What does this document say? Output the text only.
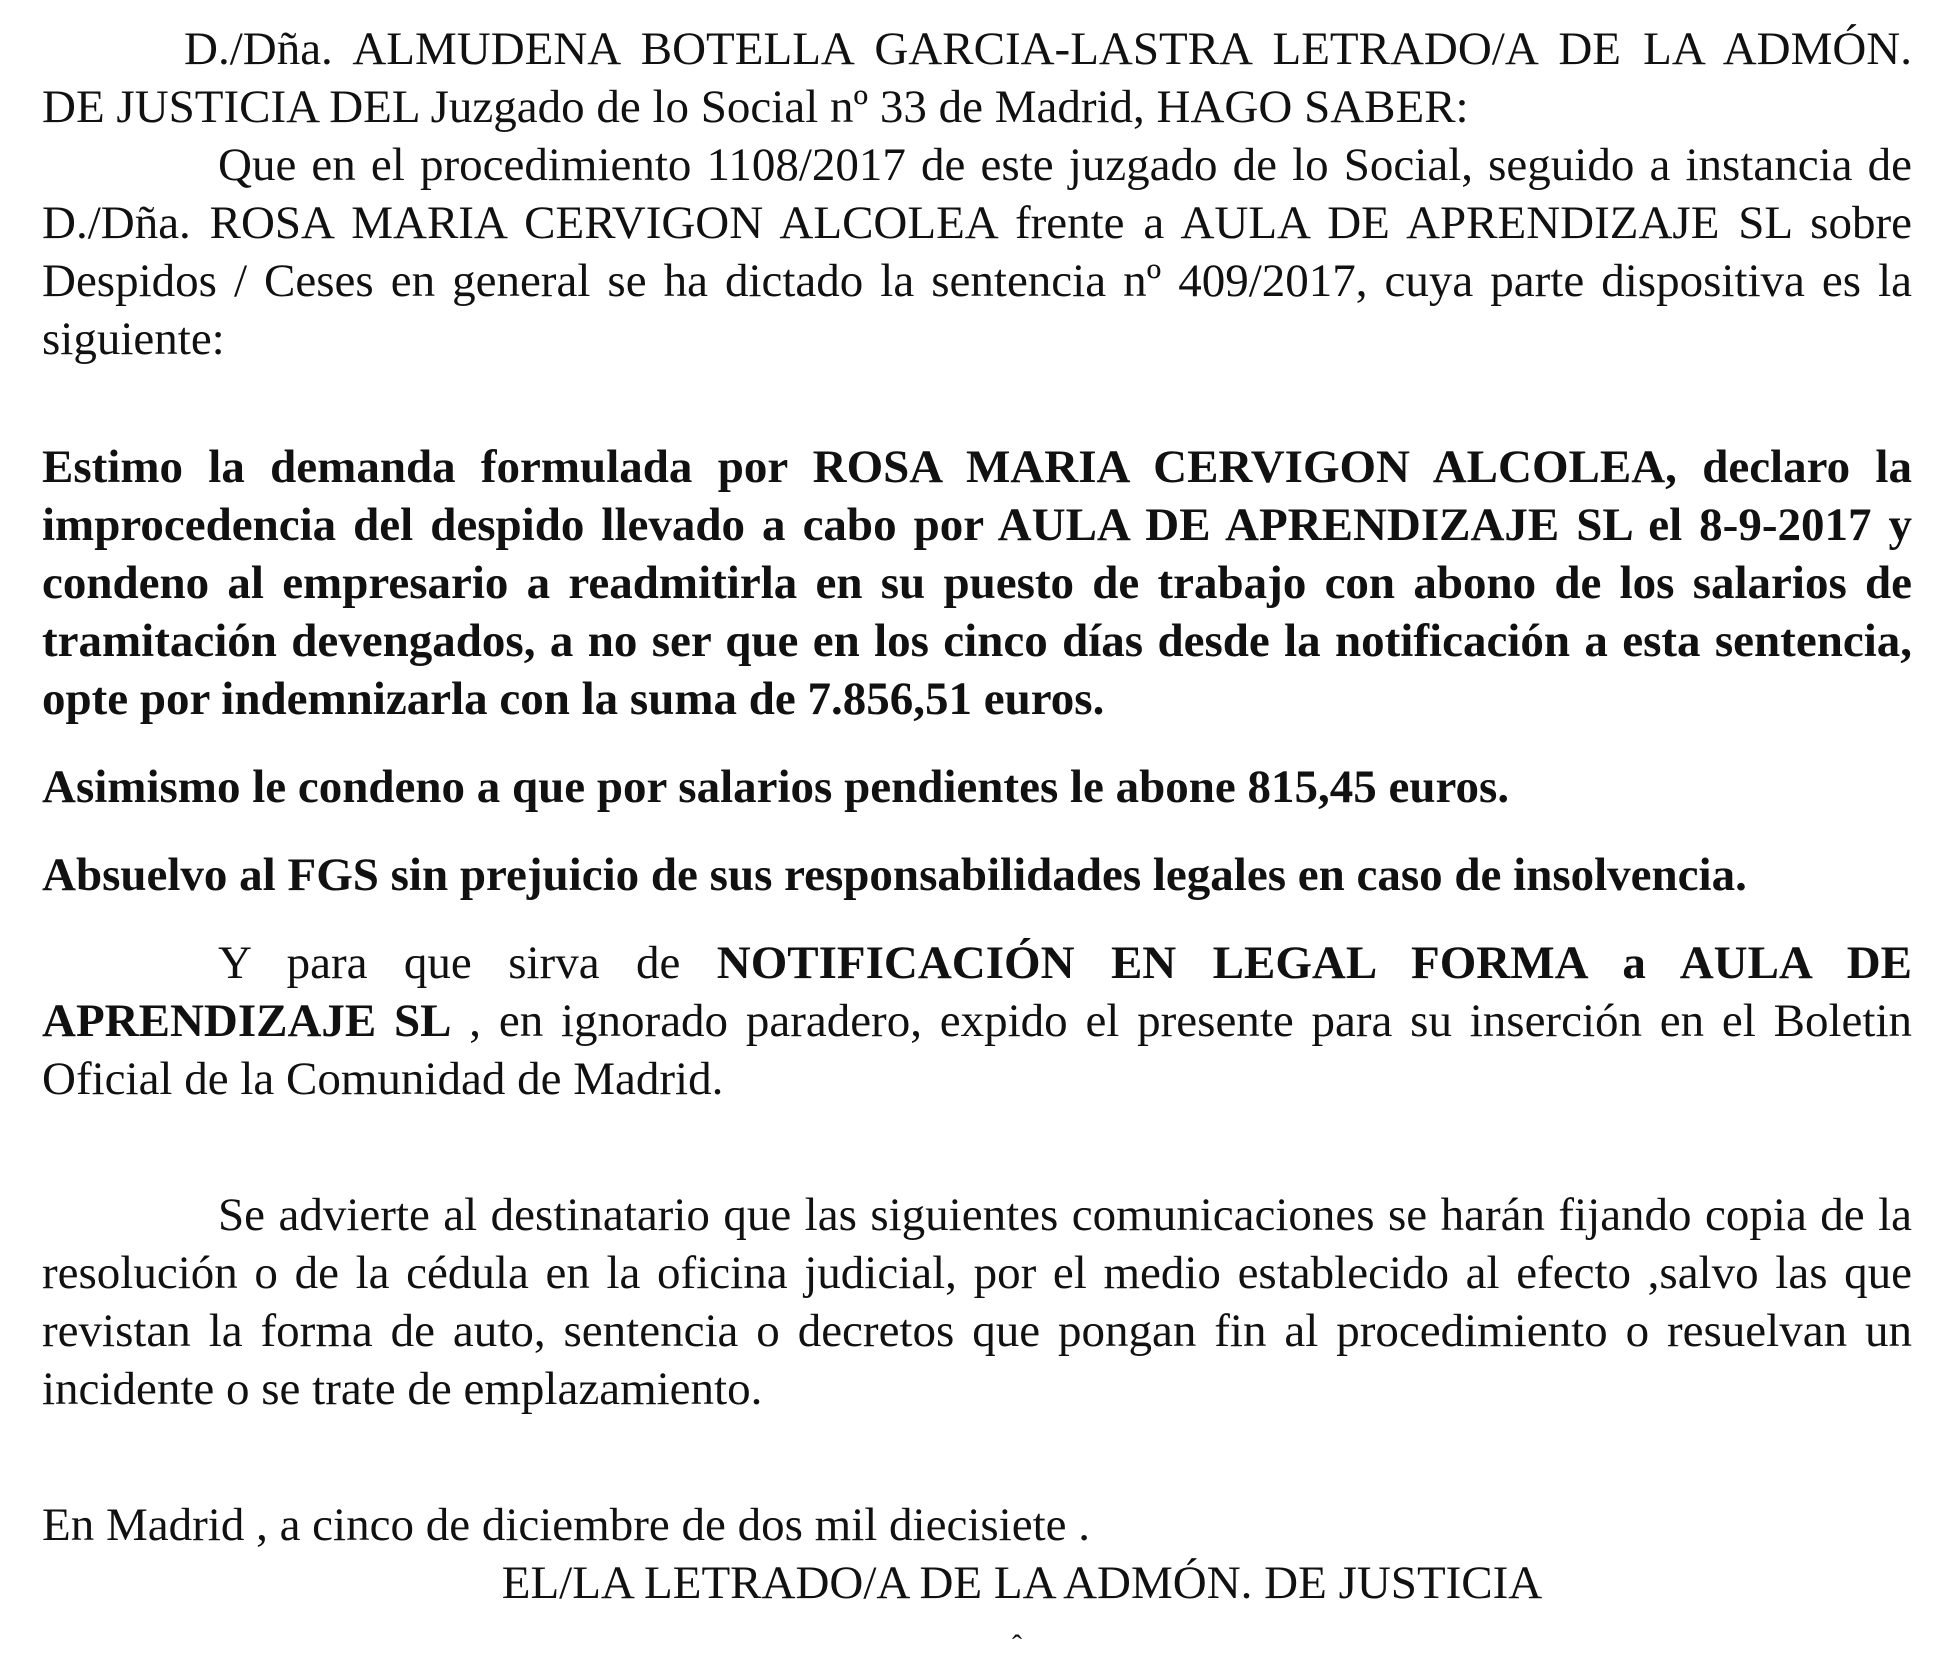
D./Dña. ALMUDENA BOTELLA GARCIA-LASTRA LETRADO/A DE LA ADMÓN. DE JUSTICIA DEL Juzgado de lo Social nº 33 de Madrid, HAGO SABER:

Que en el procedimiento 1108/2017 de este juzgado de lo Social, seguido a instancia de D./Dña. ROSA MARIA CERVIGON ALCOLEA frente a AULA DE APRENDIZAJE SL sobre Despidos / Ceses en general se ha dictado la sentencia nº 409/2017, cuya parte dispositiva es la siguiente:

Estimo la demanda formulada por ROSA MARIA CERVIGON ALCOLEA, declaro la improcedencia del despido llevado a cabo por AULA DE APRENDIZAJE SL el 8-9-2017 y condeno al empresario a readmitirla en su puesto de trabajo con abono de los salarios de tramitación devengados, a no ser que en los cinco días desde la notificación a esta sentencia, opte por indemnizarla con la suma de 7.856,51 euros.

Asimismo le condeno a que por salarios pendientes le abone 815,45 euros.

Absuelvo al FGS sin prejuicio de sus responsabilidades legales en caso de insolvencia.

Y para que sirva de NOTIFICACIÓN EN LEGAL FORMA a AULA DE APRENDIZAJE SL , en ignorado paradero, expido el presente para su inserción en el Boletin Oficial de la Comunidad de Madrid.

Se advierte al destinatario que las siguientes comunicaciones se harán fijando copia de la resolución o de la cédula en la oficina judicial, por el medio establecido al efecto ,salvo las que revistan la forma de auto, sentencia o decretos que pongan fin al procedimiento o resuelvan un incidente o se trate de emplazamiento.

En Madrid , a cinco de diciembre de dos mil diecisiete .

EL/LA LETRADO/A DE LA ADMÓN. DE JUSTICIA

ˆ
